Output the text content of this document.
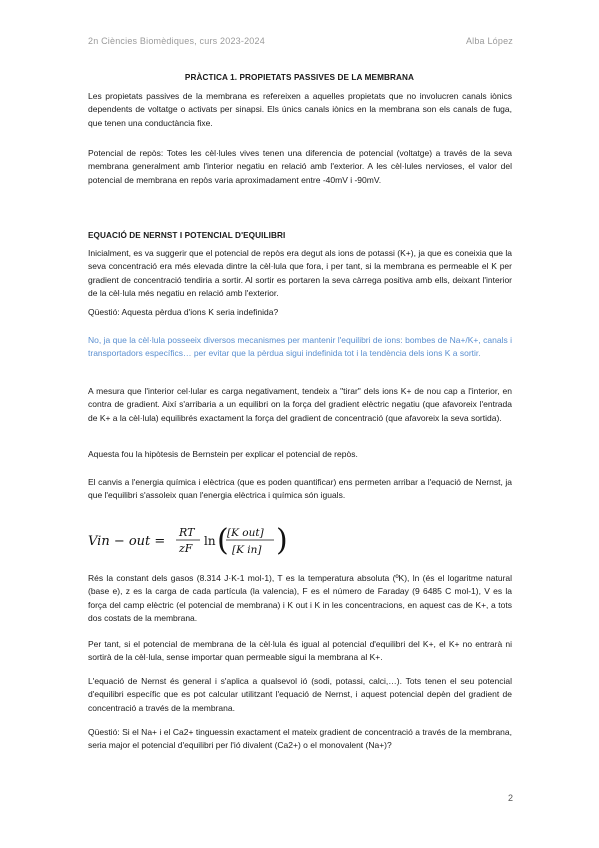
2n Ciències Biomèdiques, curs 2023-2024	Alba López
PRÀCTICA 1. PROPIETATS PASSIVES DE LA MEMBRANA

Les propietats passives de la membrana es refereixen a aquelles propietats que no involucren canals iònics dependents de voltatge o activats per sinapsi. Els únics canals iònics en la membrana son els canals de fuga, que tenen una conductància fixe.

Potencial de repòs: Totes les cèl·lules vives tenen una diferencia de potencial (voltatge) a través de la seva membrana generalment amb l'interior negatiu en relació amb l'exterior. A les cèl·lules nervioses, el valor del potencial de membrana en repòs varia aproximadament entre -40mV i -90mV.

EQUACIÓ DE NERNST I POTENCIAL D'EQUILIBRI

Inicialment, es va suggerir que el potencial de repòs era degut als ions de potassi (K+), ja que es coneixia que la seva concentració era més elevada dintre la cèl·lula que fora, i per tant, si la membrana es permeable el K per gradient de concentració tendiria a sortir. Al sortir es portaren la seva càrrega positiva amb ells, deixant l'interior de la cèl·lula més negatiu en relació amb l'exterior.

Qüestió: Aquesta pèrdua d'ions K seria indefinida?

No, ja que la cèl·lula posseeix diversos mecanismes per mantenir l'equilibri de ions: bombes de Na+/K+, canals i transportadors específics… per evitar que la pèrdua sigui indefinida tot i la tendència dels ions K a sortir.

A mesura que l'interior cel·lular es carga negativament, tendeix a "tirar" dels ions K+ de nou cap a l'interior, en contra de gradient. Així s'arribaria a un equilibri on la força del gradient elèctric negatiu (que afavoreix l'entrada de K+ a la cèl·lula) equilibrés exactament la força del gradient de concentració (que afavoreix la seva sortida).

Aquesta fou la hipòtesis de Bernstein per explicar el potencial de repòs.

El canvis a l'energia química i elèctrica (que es poden quantificar) ens permeten arribar a l'equació de Nernst, ja que l'equilibri s'assoleix quan l'energia elèctrica i química són iguals.

Vin − out =
RT
zF
ln (
[K out]
[K in] )

Rés la constant dels gasos (8.314 J·K-1 mol-1), T es la temperatura absoluta (ºK), ln (és el logaritme natural (base e), z es la carga de cada partícula (la valencia), F es el número de Faraday (9 6485 C mol-1), V es la força del camp elèctric (el potencial de membrana) i K out i K in les concentracions, en aquest cas de K+, a tots dos costats de la membrana.

Per tant, si el potencial de membrana de la cèl·lula és igual al potencial d'equilibri del K+, el K+ no entrarà ni sortirà de la cèl·lula, sense importar quan permeable sigui la membrana al K+.

L'equació de Nernst és general i s'aplica a qualsevol ió (sodi, potassi, calci,…). Tots tenen el seu potencial d'equilibri específic que es pot calcular utilitzant l'equació de Nernst, i aquest potencial depèn del gradient de concentració a través de la membrana.

Qüestió: Si el Na+ i el Ca2+ tinguessin exactament el mateix gradient de concentració a través de la membrana, seria major el potencial d'equilibri per l'ió divalent (Ca2+) o el monovalent (Na+)?

2
